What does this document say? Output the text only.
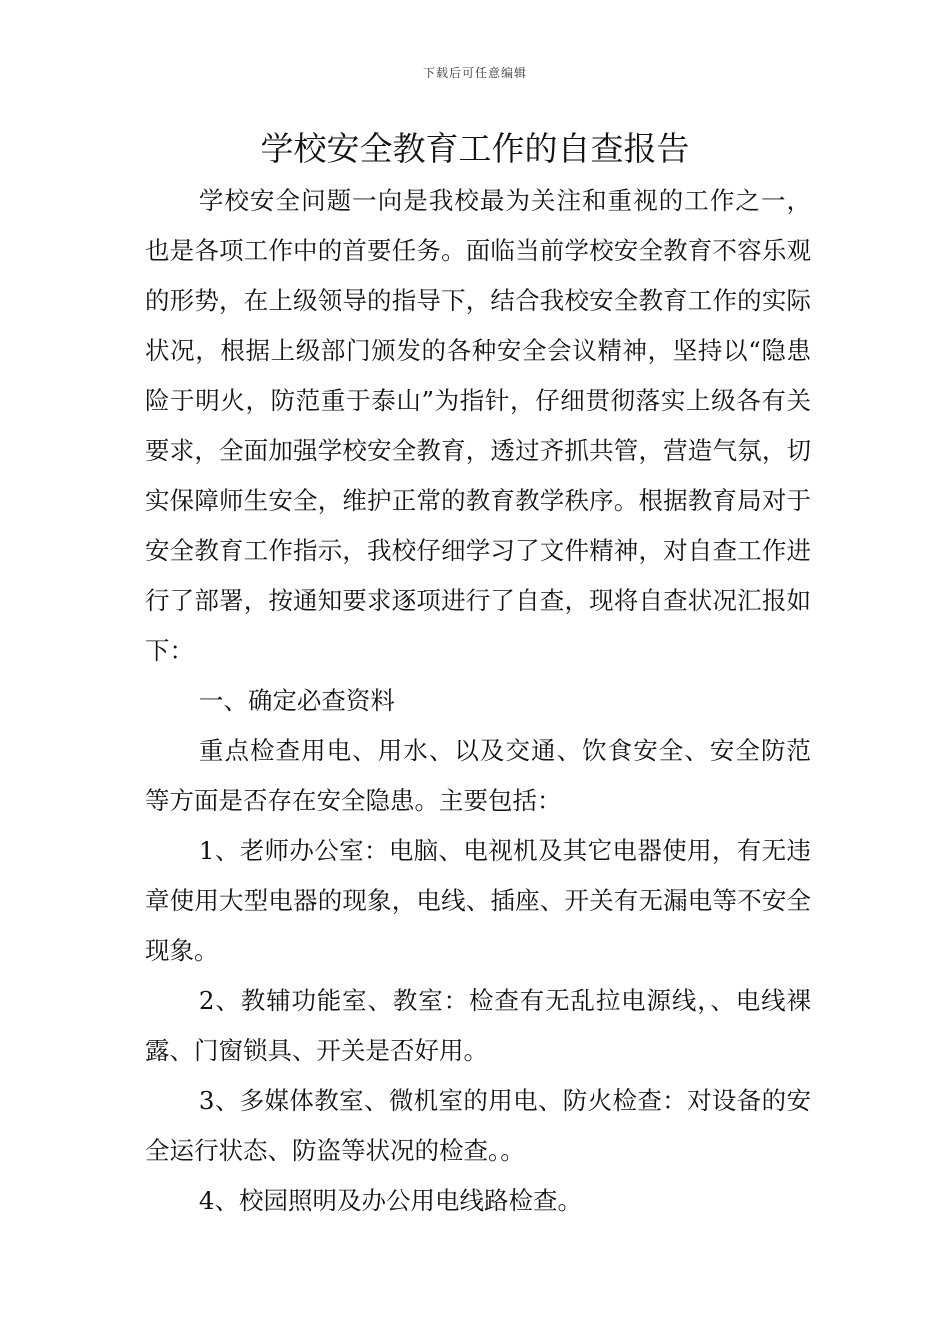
下载后可任意编辑
学校安全教育工作的自查报告

学校安全问题一向是我校最为关注和重视的工作之一，也是各项工作中的首要任务。面临当前学校安全教育不容乐观的形势，在上级领导的指导下，结合我校安全教育工作的实际状况，根据上级部门颁发的各种安全会议精神，坚持以“隐患险于明火，防范重于泰山”为指针，仔细贯彻落实上级各有关要求，全面加强学校安全教育，透过齐抓共管，营造气氛，切实保障师生安全，维护正常的教育教学秩序。根据教育局对于安全教育工作指示，我校仔细学习了文件精神，对自查工作进行了部署，按通知要求逐项进行了自查，现将自查状况汇报如下：

一、确定必查资料

重点检查用电、用水、以及交通、饮食安全、安全防范等方面是否存在安全隐患。主要包括：

1、老师办公室：电脑、电视机及其它电器使用，有无违章使用大型电器的现象，电线、插座、开关有无漏电等不安全现象。

2、教辅功能室、教室：检查有无乱拉电源线，、电线裸露、门窗锁具、开关是否好用。

3、多媒体教室、微机室的用电、防火检查：对设备的安全运行状态、防盗等状况的检查。。

4、校园照明及办公用电线路检查。
